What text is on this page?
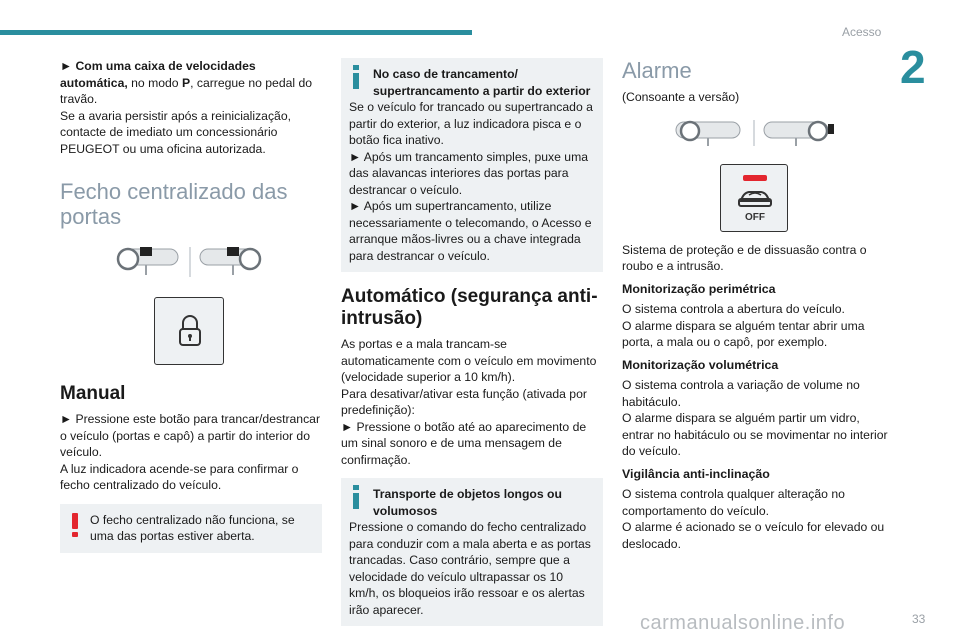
Acesso
2
33
carmanualsonline.info

► Com uma caixa de velocidades automática, no modo P, carregue no pedal do travão.

Se a avaria persistir após a reinicialização, contacte de imediato um concessionário PEUGEOT ou uma oficina autorizada.

Fecho centralizado das portas
Manual

► Pressione este botão para trancar/destrancar o veículo (portas e capô) a partir do interior do veículo.

A luz indicadora acende-se para confirmar o fecho centralizado do veículo.

O fecho centralizado não funciona, se uma das portas estiver aberta.
No caso de trancamento/ supertrancamento a partir do exterior

Se o veículo for trancado ou supertrancado a partir do exterior, a luz indicadora pisca e o botão fica inativo.

► Após um trancamento simples, puxe uma das alavancas interiores das portas para destrancar o veículo.

► Após um supertrancamento, utilize necessariamente o telecomando, o Acesso e arranque mãos-livres ou a chave integrada para destrancar o veículo.

Automático (segurança anti-intrusão)

As portas e a mala trancam-se automaticamente com o veículo em movimento (velocidade superior a 10 km/h).

Para desativar/ativar esta função (ativada por predefinição):

► Pressione o botão até ao aparecimento de um sinal sonoro e de uma mensagem de confirmação.

Transporte de objetos longos ou volumosos

Pressione o comando do fecho centralizado para conduzir com a mala aberta e as portas trancadas. Caso contrário, sempre que a velocidade do veículo ultrapassar os 10 km/h, os bloqueios irão ressoar e os alertas irão aparecer.

Alarme

(Consoante a versão)

OFF

Sistema de proteção e de dissuasão contra o roubo e a intrusão.

Monitorização perimétrica

O sistema controla a abertura do veículo.

O alarme dispara se alguém tentar abrir uma porta, a mala ou o capô, por exemplo.

Monitorização volumétrica

O sistema controla a variação de volume no habitáculo.

O alarme dispara se alguém partir um vidro, entrar no habitáculo ou se movimentar no interior do veículo.

Vigilância anti-inclinação

O sistema controla qualquer alteração no comportamento do veículo.

O alarme é acionado se o veículo for elevado ou deslocado.
